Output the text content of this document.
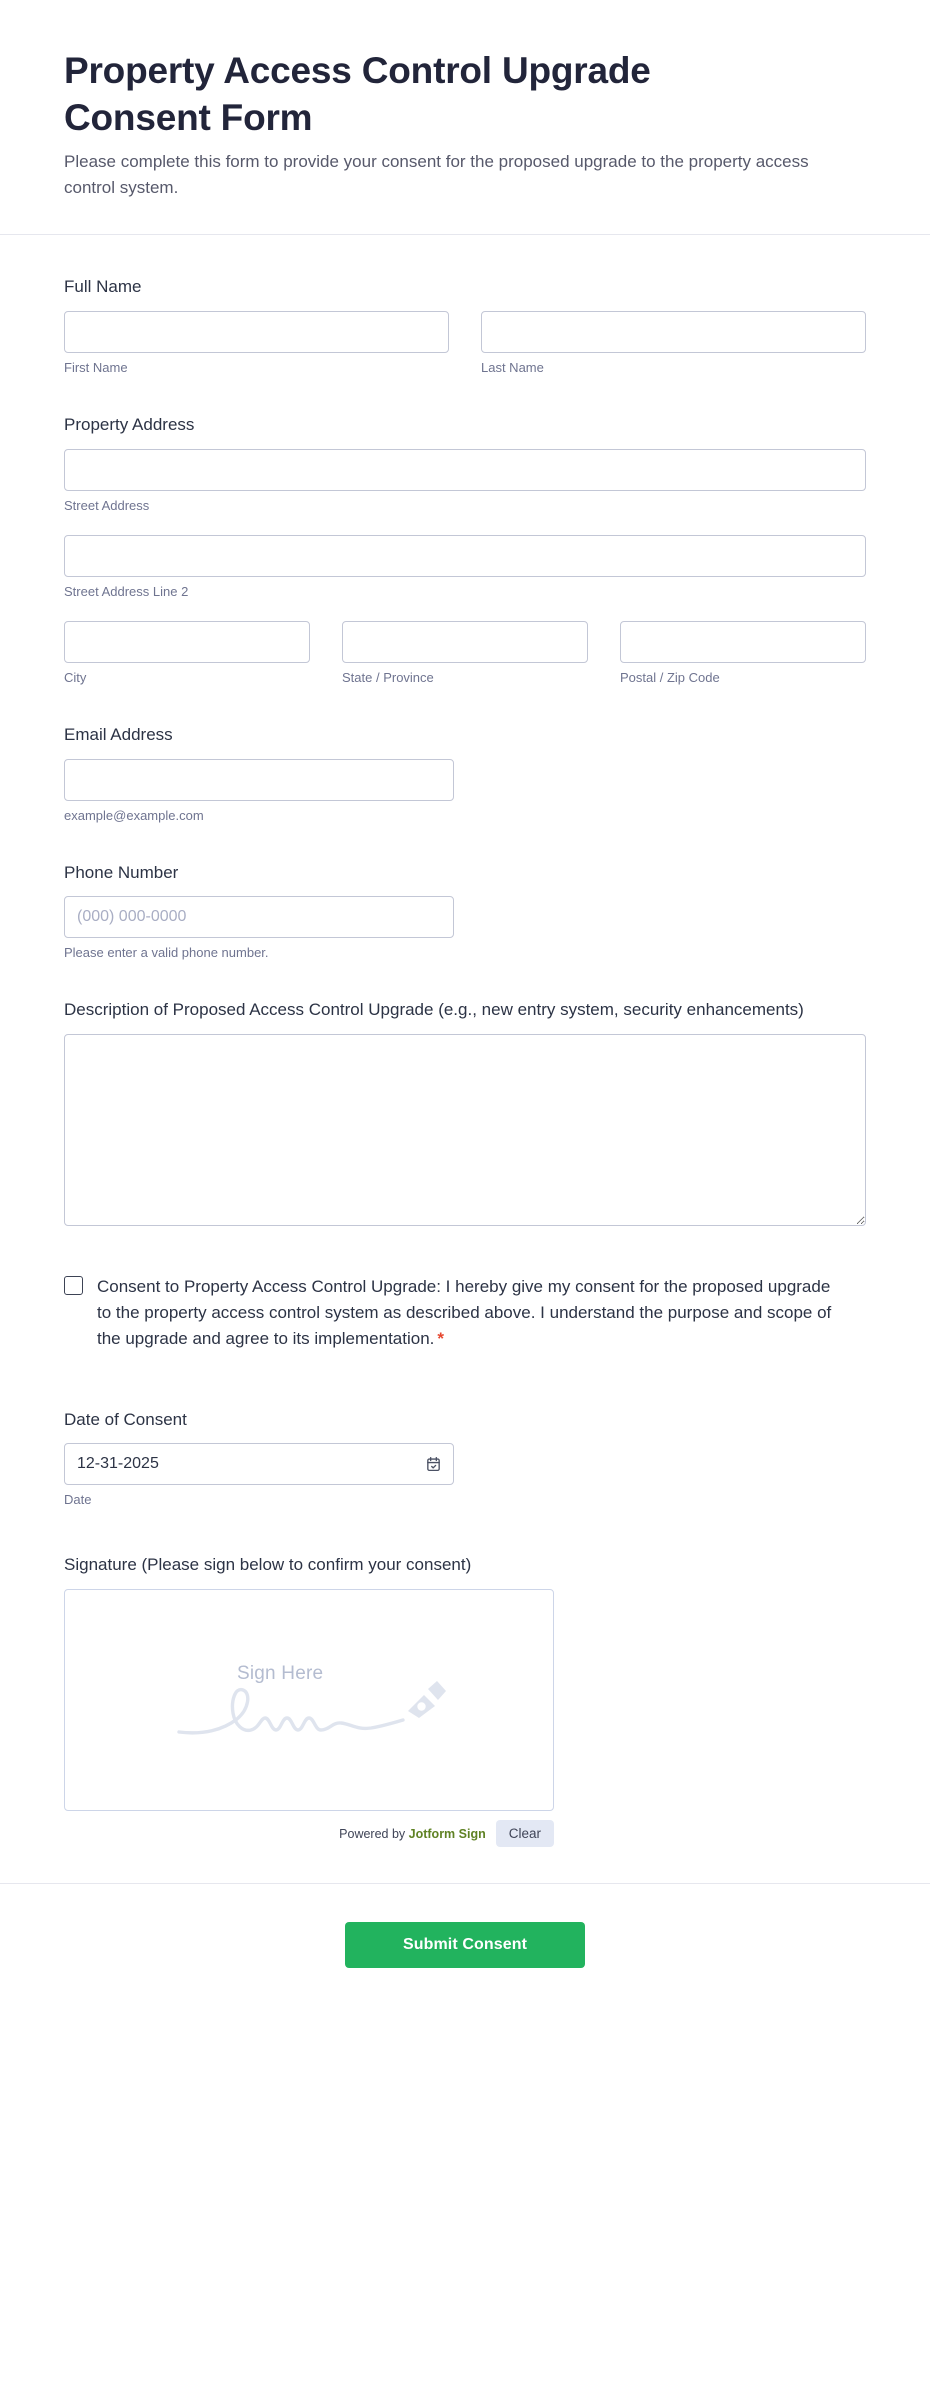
Property Access Control Upgrade Consent Form

Please complete this form to provide your consent for the proposed upgrade to the property access control system.

Full Name
First Name	Last Name
Property Address
Street Address
Street Address Line 2
City	State / Province	Postal / Zip Code
Email Address
example@example.com
Phone Number
(000) 000-0000
Please enter a valid phone number.
Description of Proposed Access Control Upgrade (e.g., new entry system, security enhancements)
Consent to Property Access Control Upgrade: I hereby give my consent for the proposed upgrade to the property access control system as described above. I understand the purpose and scope of the upgrade and agree to its implementation. *
Date of Consent
12-31-2025
Date
Signature (Please sign below to confirm your consent)
Sign Here
Powered by Jotform Sign	Clear
Submit Consent
